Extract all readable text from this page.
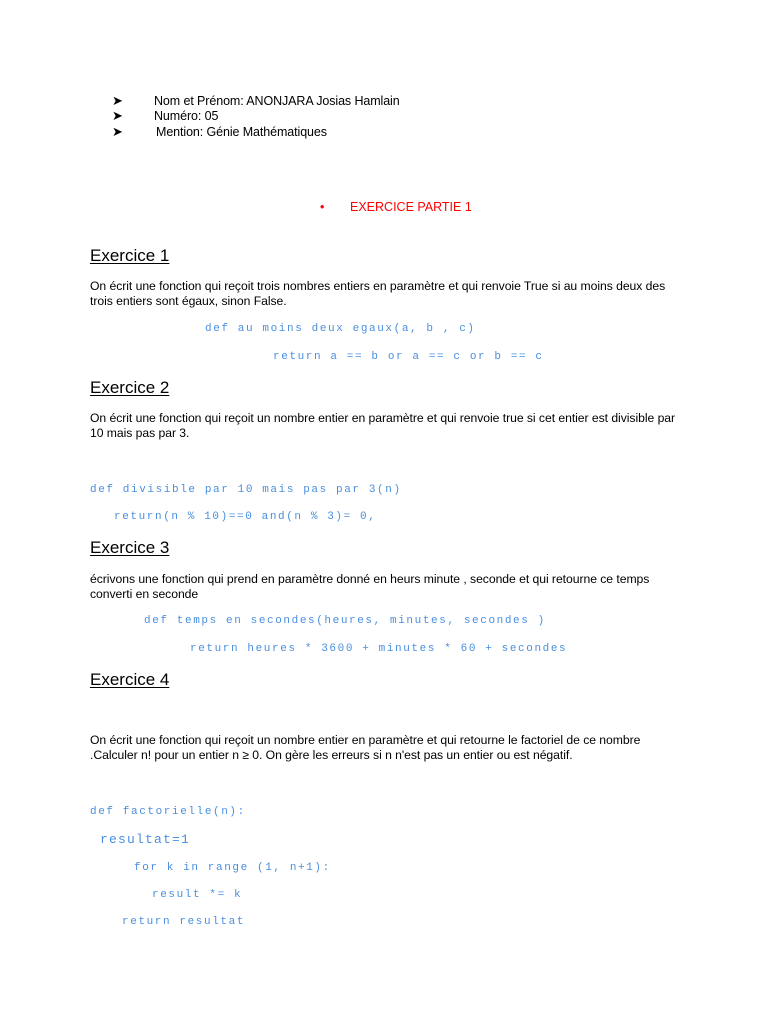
➤ Nom et Prénom: ANONJARA Josias Hamlain
➤ Numéro: 05
➤	Mention: Génie Mathématiques
• EXERCICE PARTIE 1
Exercice 1
On écrit une fonction qui reçoit trois nombres entiers en paramètre et qui renvoie True si au moins deux des trois entiers sont égaux, sinon False.
def au moins deux egaux(a, b , c)
return a == b or a == c or b == c
Exercice 2
On écrit une fonction qui reçoit un nombre entier en paramètre et qui renvoie true si cet entier est divisible par 10 mais pas par 3.
def divisible par 10 mais pas par 3(n)
return(n % 10)==0 and(n % 3)= 0,
Exercice 3
écrivons une fonction qui prend en paramètre donné en heurs minute , seconde et qui retourne ce temps converti en seconde
def temps en secondes(heures, minutes, secondes )
return heures * 3600 + minutes * 60 + secondes
Exercice 4
On écrit une fonction qui reçoit un nombre entier en paramètre et qui retourne le factoriel de ce nombre .Calculer n! pour un entier n ≥ 0. On gère les erreurs si n n'est pas un entier ou est négatif.
def factorielle(n):
resultat=1
for k in range (1, n+1):
result *= k
return resultat
